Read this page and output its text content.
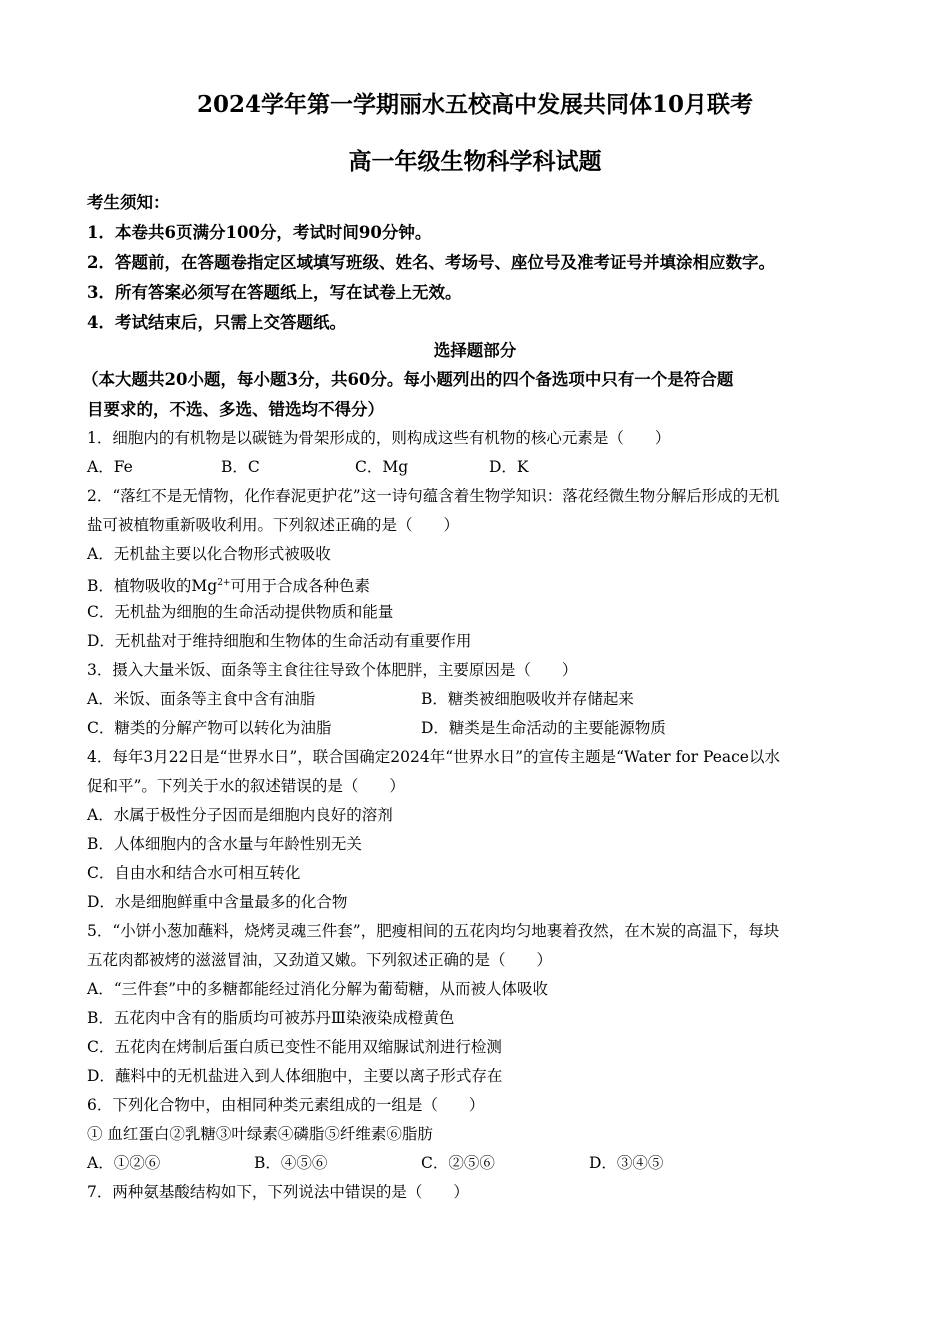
2024学年第一学期丽水五校高中发展共同体10月联考
高一年级生物科学科试题
考生须知：
1．本卷共6页满分100分，考试时间90分钟。
2．答题前，在答题卷指定区域填写班级、姓名、考场号、座位号及准考证号并填涂相应数字。
3．所有答案必须写在答题纸上，写在试卷上无效。
4．考试结束后，只需上交答题纸。
选择题部分
（本大题共20小题，每小题3分，共60分。每小题列出的四个备选项中只有一个是符合题
目要求的，不选、多选、错选均不得分）
1．细胞内的有机物是以碳链为骨架形成的，则构成这些有机物的核心元素是（　　）
A．Fe	B．C	C．Mg	D．K
2．“落红不是无情物，化作春泥更护花”这一诗句蕴含着生物学知识：落花经微生物分解后形成的无机
盐可被植物重新吸收利用。下列叙述正确的是（　　）
A．无机盐主要以化合物形式被吸收
B．植物吸收的$Mg^{2+}$可用于合成各种色素
C．无机盐为细胞的生命活动提供物质和能量
D．无机盐对于维持细胞和生物体的生命活动有重要作用
3．摄入大量米饭、面条等主食往往导致个体肥胖，主要原因是（　　）
A．米饭、面条等主食中含有油脂	B．糖类被细胞吸收并存储起来
C．糖类的分解产物可以转化为油脂	D．糖类是生命活动的主要能源物质
4．每年3月22日是“世界水日”，联合国确定2024年“世界水日”的宣传主题是“Water for Peace以水
促和平”。下列关于水的叙述错误的是（　　）
A．水属于极性分子因而是细胞内良好的溶剂
B．人体细胞内的含水量与年龄性别无关
C．自由水和结合水可相互转化
D．水是细胞鲜重中含量最多的化合物
5．“小饼小葱加蘸料，烧烤灵魂三件套”，肥瘦相间的五花肉均匀地裹着孜然，在木炭的高温下，每块
五花肉都被烤的滋滋冒油，又劲道又嫩。下列叙述正确的是（　　）
A．“三件套”中的多糖都能经过消化分解为葡萄糖，从而被人体吸收
B．五花肉中含有的脂质均可被苏丹Ⅲ染液染成橙黄色
C．五花肉在烤制后蛋白质已变性不能用双缩脲试剂进行检测
D．蘸料中的无机盐进入到人体细胞中，主要以离子形式存在
6．下列化合物中，由相同种类元素组成的一组是（　　）
① 血红蛋白②乳糖③叶绿素④磷脂⑤纤维素⑥脂肪
A．①②⑥	B．④⑤⑥	C．②⑤⑥	D．③④⑤
7．两种氨基酸结构如下，下列说法中错误的是（　　）
